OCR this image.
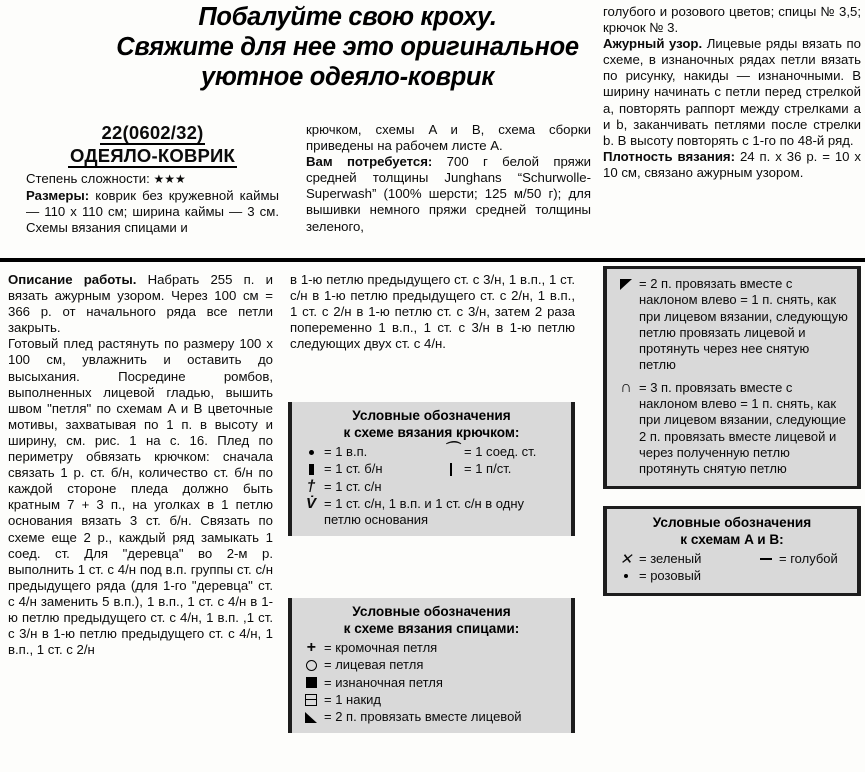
Побалуйте свою кроху.
Свяжите для нее это оригинальное
уютное одеяло-коврик
22(0602/32)
ОДЕЯЛО-КОВРИК

Степень сложности: ★★★

Размеры: коврик без кружевной каймы — 110 x 110 см; ширина каймы — 3 см. Схемы вязания спицами и

крючком, схемы A и B, схема сборки приведены на рабочем листе A.

Вам потребуется: 700 г белой пряжи средней толщины Junghans “Schurwolle-Superwash” (100% шерсти; 125 м/50 г); для вышивки немного пряжи средней толщины зеленого,

голубого и розового цветов; спицы № 3,5; крючок № 3.

Ажурный узор. Лицевые ряды вязать по схеме, в изнаночных рядах петли вязать по рисунку, накиды — изнаночными. В ширину начинать с петли перед стрелкой a, повторять раппорт между стрелками a и b, заканчивать петлями после стрелки b. В высоту повторять с 1-го по 48-й ряд.

Плотность вязания: 24 п. x 36 р. = 10 x 10 см, связано ажурным узором.

Описание работы. Набрать 255 п. и вязать ажурным узором. Через 100 см = 366 р. от начального ряда все петли закрыть.

Готовый плед растянуть по размеру 100 x 100 см, увлажнить и оставить до высыхания. Посредине ромбов, выполненных лицевой гладью, вышить швом "петля" по схемам A и B цветочные мотивы, захватывая по 1 п. в высоту и ширину, см. рис. 1 на с. 16. Плед по периметру обвязать крючком: сначала связать 1 р. ст. б/н, количество ст. б/н по каждой стороне пледа должно быть кратным 7 + 3 п., на уголках в 1 петлю основания вязать 3 ст. б/н. Связать по схеме еще 2 р., каждый ряд замыкать 1 соед. ст. Для "деревца" во 2-м р. выполнить 1 ст. с 4/н под в.п. группы ст. с/н предыдущего ряда (для 1-го "деревца" ст. с 4/н заменить 5 в.п.), 1 в.п., 1 ст. с 4/н в 1-ю петлю предыдущего ст. с 4/н, 1 в.п. ,1 ст. с 3/н в 1-ю петлю предыдущего ст. с 4/н, 1 в.п., 1 ст. с 2/н

в 1-ю петлю предыдущего ст. с 3/н, 1 в.п., 1 ст. с/н в 1-ю петлю предыдущего ст. с 2/н, 1 в.п., 1 ст. с 2/н в 1-ю петлю ст. с 3/н, затем 2 раза попеременно 1 в.п., 1 ст. с 3/н в 1-ю петлю следующих двух ст. с 4/н.

Условные обозначения
к схеме вязания крючком:
= 1 в.п.	⌒ = 1 соед. ст.
= 1 ст. б/н	= 1 п/ст.
† = 1 ст. с/н
V̇ = 1 ст. с/н, 1 в.п. и 1 ст. с/н в одну петлю основания
Условные обозначения
к схеме вязания спицами:
+ = кромочная петля
= лицевая петля
= изнаночная петля
= 1 накид
= 2 п. провязать вместе лицевой
= 2 п. провязать вместе с наклоном влево = 1 п. снять, как при лицевом вязании, следующую петлю провязать лицевой и протянуть через нее снятую петлю
∩ = 3 п. провязать вместе с наклоном влево = 1 п. снять, как при лицевом вязании, следующие 2 п. провязать вместе лицевой и через полученную петлю протянуть снятую петлю
Условные обозначения
к схемам A и B:
✕ = зеленый	= голубой
= розовый
